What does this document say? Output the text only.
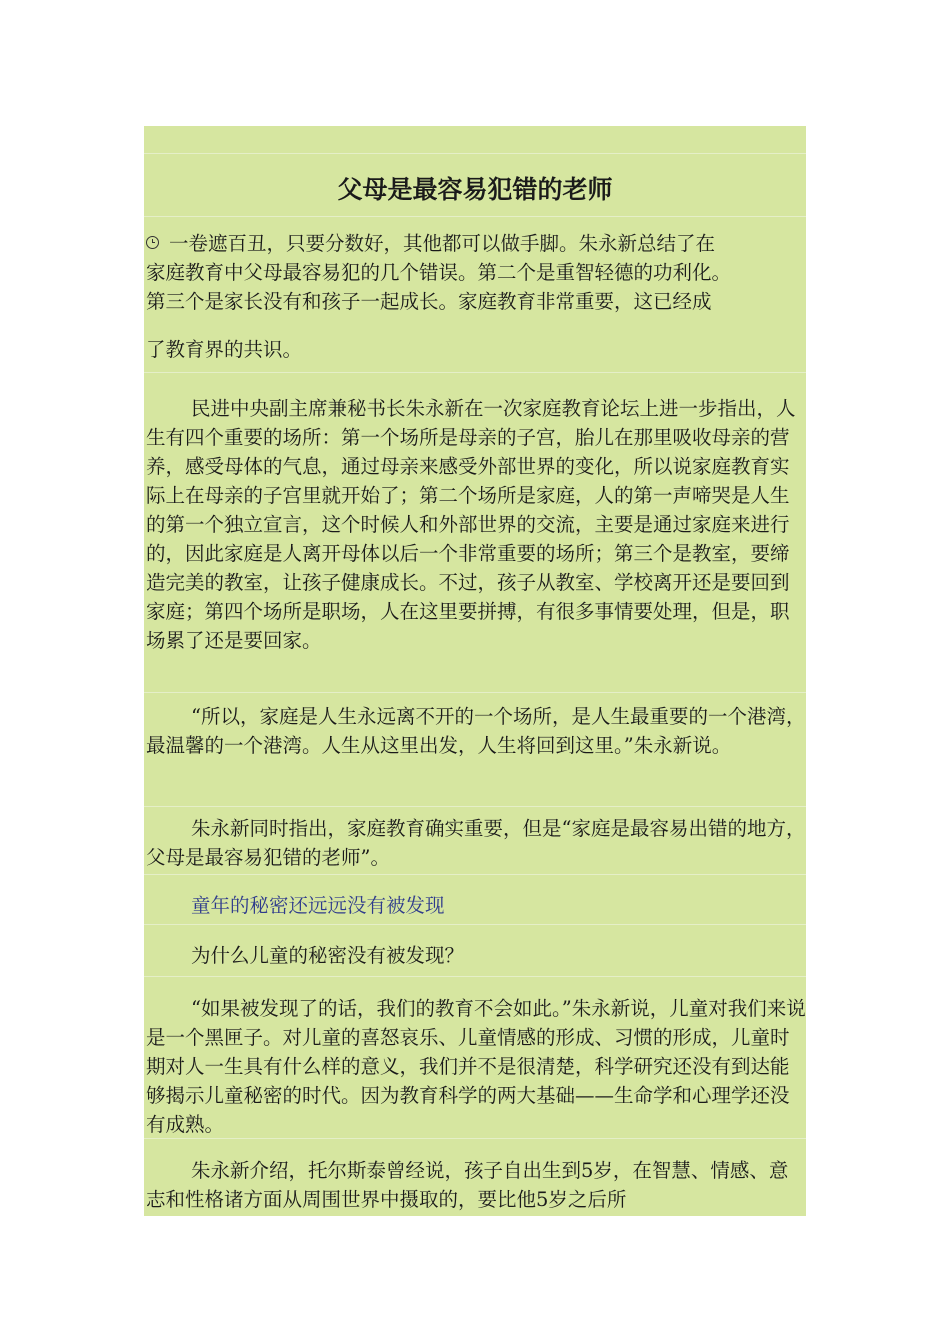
父母是最容易犯错的老师
一卷遮百丑，只要分数好，其他都可以做手脚。朱永新总结了在
家庭教育中父母最容易犯的几个错误。第二个是重智轻德的功利化。
第三个是家长没有和孩子一起成长。家庭教育非常重要，这已经成
了教育界的共识。

民进中央副主席兼秘书长朱永新在一次家庭教育论坛上进一步指出，人生有四个重要的场所：第一个场所是母亲的子宫，胎儿在那里吸收母亲的营养，感受母体的气息，通过母亲来感受外部世界的变化，所以说家庭教育实际上在母亲的子宫里就开始了；第二个场所是家庭，人的第一声啼哭是人生的第一个独立宣言，这个时候人和外部世界的交流，主要是通过家庭来进行的，因此家庭是人离开母体以后一个非常重要的场所；第三个是教室，要缔造完美的教室，让孩子健康成长。不过，孩子从教室、学校离开还是要回到家庭；第四个场所是职场，人在这里要拼搏，有很多事情要处理，但是，职场累了还是要回家。

“所以，家庭是人生永远离不开的一个场所，是人生最重要的一个港湾，最温馨的一个港湾。人生从这里出发，人生将回到这里。”朱永新说。

朱永新同时指出，家庭教育确实重要，但是“家庭是最容易出错的地方，父母是最容易犯错的老师”。

童年的秘密还远远没有被发现

为什么儿童的秘密没有被发现？

“如果被发现了的话，我们的教育不会如此。”朱永新说，儿童对我们来说是一个黑匣子。对儿童的喜怒哀乐、儿童情感的形成、习惯的形成，儿童时期对人一生具有什么样的意义，我们并不是很清楚，科学研究还没有到达能够揭示儿童秘密的时代。因为教育科学的两大基础——生命学和心理学还没有成熟。

朱永新介绍，托尔斯泰曾经说，孩子自出生到5岁，在智慧、情感、意志和性格诸方面从周围世界中摄取的，要比他5岁之后所
